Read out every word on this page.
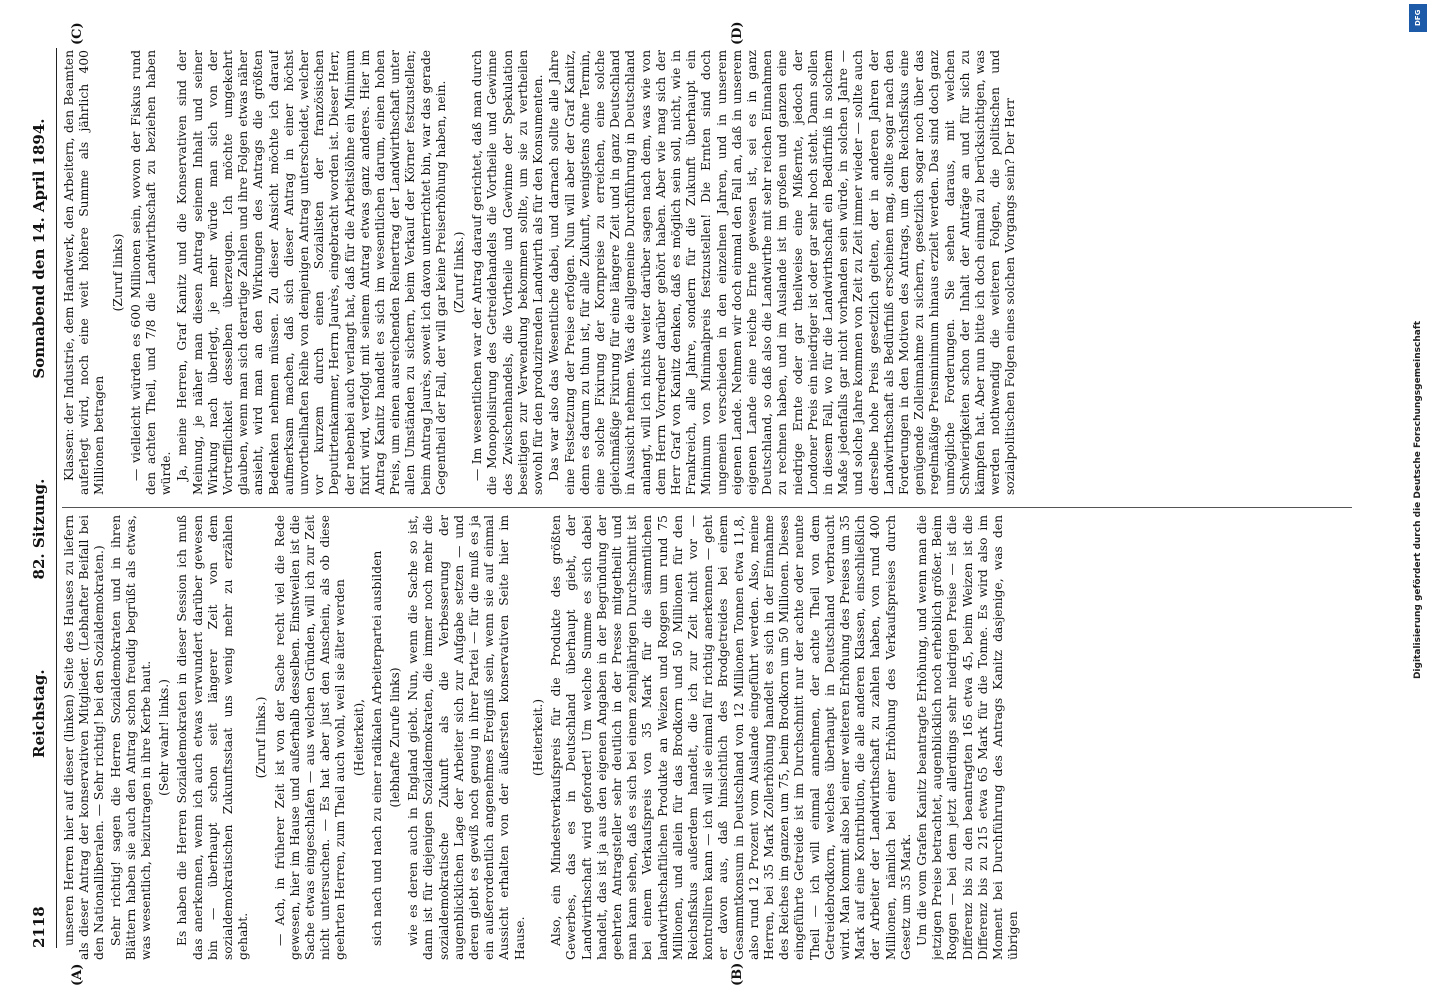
2118
Reichstag.
82. Sitzung.
Sonnabend den 14. April 1894.
(A)	(B)
(C)	(D)

unseren Herren hier auf dieser (linken) Seite des Hauses zu liefern als dieser Antrag der konservativen Mitglieder. (Lebhafter Beifall bei den Nationalliberalen. — Sehr richtig! bei den Sozialdemokraten.) Sehr richtig! sagen die Herren Sozialdemokraten und in ihren Blättern haben sie auch den Antrag schon freudig begrüßt als etwas, was wesentlich, beizutragen in ihre Kerbe haut. (Sehr wahr! links.) Es haben die Herren Sozialdemokraten in dieser Session ich muß das anerkennen, wenn ich auch etwas verwundert darüber gewesen bin — überhaupt schon seit längerer Zeit von dem sozialdemokratischen Zukunftsstaat uns wenig mehr zu erzählen gehabt.

(Zuruf links.) — Ach, in früherer Zeit ist von der Sache recht viel die Rede gewesen, hier im Hause und außerhalb desselben. Einstweilen ist die Sache etwas eingeschlafen — aus welchen Gründen, will ich zur Zeit nicht untersuchen. — Es hat aber just den Anschein, als ob diese geehrten Herren, zum Theil auch wohl, weil sie älter werden (Heiterkeit), sich nach und nach zu einer radikalen Arbeiterpartei ausbilden (lebhafte Zurufe links) wie es deren auch in England giebt. Nun, wenn die Sache so ist, dann ist für diejenigen Sozialdemokraten, die immer noch mehr die sozialdemokratische Zukunft als die Verbesserung der augenblicklichen Lage der Arbeiter sich zur Aufgabe setzen — und deren giebt es gewiß noch genug in ihrer Partei — für die muß es ja ein außerordentlich angenehmes Ereigniß sein, wenn sie auf einmal Aussicht erhalten von der äußersten konservativen Seite hier im Hause.

(Heiterkeit.) Also, ein Mindestverkaufspreis für die Produkte des größten Gewerbes, das es in Deutschland überhaupt giebt, der Landwirthschaft wird gefordert! Um welche Summe es sich dabei handelt, das ist ja aus den eigenen Angaben in der Begründung der geehrten Antragsteller sehr deutlich in der Presse mitgetheilt und man kann sehen, daß es sich bei einem zehnjährigen Durchschnitt ist bei einem Verkaufspreis von 35 Mark für die sämmtlichen landwirthschaftlichen Produkte an Weizen und Roggen um rund 75 Millionen, und allein für das Brodkorn und 50 Millionen für den Reichsfiskus außerdem handelt, die ich zur Zeit nicht vor — kontrolliren kann — ich will sie einmal für richtig anerkennen — geht er davon aus, daß hinsichtlich des Brodgetreides bei einem Gesammtkonsum in Deutschland von 12 Millionen Tonnen etwa 11,8, also rund 12 Prozent vom Auslande eingeführt werden. Also, meine Herren, bei 35 Mark Zollerhöhung handelt es sich in der Einnahme des Reiches im ganzen um 75, beim Brodkorn um 50 Millionen. Dieses eingeführte Getreide ist im Durchschnitt nur der achte oder neunte Theil — ich will einmal annehmen, der achte Theil von dem Getreidebrodkorn, welches überhaupt in Deutschland verbraucht wird. Man kommt also bei einer weiteren Erhöhung des Preises um 35 Mark auf eine Kontribution, die alle anderen Klassen, einschließlich der Arbeiter der Landwirthschaft zu zahlen haben, von rund 400 Millionen, nämlich bei einer Erhöhung des Verkaufspreises durch Gesetz um 35 Mark. Um die vom Grafen Kanitz beantragte Erhöhung, und wenn man die jetzigen Preise betrachtet, augenblicklich noch erheblich größer. Beim Roggen — bei dem jetzt allerdings sehr niedrigen Preise — ist die Differenz bis zu den beantragten 165 etwa 45, beim Weizen ist die Differenz bis zu 215 etwa 65 Mark für die Tonne. Es wird also im Moment bei Durchführung des Antrags Kanitz dasjenige, was den übrigen

Klassen: der Industrie, dem Handwerk, den Arbeitern, den Beamten auferlegt wird, noch eine weit höhere Summe als jährlich 400 Millionen betragen

(Zuruf links) — vielleicht würden es 600 Millionen sein, wovon der Fiskus rund den achten Theil, und 7/8 die Landwirthschaft zu beziehen haben würde. Ja, meine Herren, Graf Kanitz und die Konservativen sind der Meinung, je näher man diesen Antrag seinem Inhalt und seiner Wirkung nach überlegt, je mehr würde man sich von der Vortrefflichkeit desselben überzeugen. Ich möchte umgekehrt glauben, wenn man sich derartige Zahlen und ihre Folgen etwas näher ansieht, wird man an den Wirkungen des Antrags die größten Bedenken nehmen müssen. Zu dieser Ansicht möchte ich darauf aufmerksam machen, daß sich dieser Antrag in einer höchst unvortheilhaften Reihe von demjenigen Antrag unterscheidet, welcher vor kurzem durch einen Sozialisten der französischen Deputirtenkammer, Herrn Jaurès, eingebracht worden ist. Dieser Herr, der nebenbei auch verlangt hat, daß für die Arbeitslöhne ein Minimum fixirt wird, verfolgt mit seinem Antrag etwas ganz anderes. Hier im Antrag Kanitz handelt es sich im wesentlichen darum, einen hohen Preis, um einen ausreichenden Reinertrag der Landwirthschaft unter allen Umständen zu sichern, beim Verkauf der Körner festzustellen; beim Antrag Jaurès, soweit ich davon unterrichtet bin, war das gerade Gegentheil der Fall, der will gar keine Preiserhöhung haben, nein. (Zuruf links.) — Im wesentlichen war der Antrag darauf gerichtet, daß man durch die Monopolisirung des Getreidehandels die Vortheile und Gewinne des Zwischenhandels, die Vortheile und Gewinne der Spekulation beseitigen zur Verwendung bekommen sollte, um sie zu vertheilen sowohl für den produzirenden Landwirth als für den Konsumenten. Das war also das Wesentliche dabei, und darnach sollte alle Jahre eine Festsetzung der Preise erfolgen. Nun will aber der Graf Kanitz, denn es darum zu thun ist, für alle Zukunft, wenigstens ohne Termin, eine solche Fixirung der Kornpreise zu erreichen, eine solche gleichmäßige Fixirung für eine längere Zeit und in ganz Deutschland in Aussicht nehmen. Was die allgemeine Durchführung in Deutschland anlangt, will ich nichts weiter darüber sagen nach dem, was wie von dem Herrn Vorredner darüber gehört haben. Aber wie mag sich der Herr Graf von Kanitz denken, daß es möglich sein soll, nicht, wie in Frankreich, alle Jahre, sondern für die Zukunft überhaupt ein Minimum von Minimalpreis festzustellen! Die Ernten sind doch ungemein verschieden in den einzelnen Jahren, und in unserem eigenen Lande. Nehmen wir doch einmal den Fall an, daß in unserem eigenen Lande eine reiche Ernte gewesen ist, sei es in ganz Deutschland, so daß also die Landwirthe mit sehr reichen Einnahmen zu rechnen haben, und im Auslande ist im großen und ganzen eine niedrige Ernte oder gar theilweise eine Mißernte, jedoch der Londoner Preis ein niedriger ist oder gar sehr hoch steht. Dann sollen in diesem Fall, wo für die Landwirthschaft ein Bedürfniß in solchem Maße jedenfalls gar nicht vorhanden sein würde, in solchen Jahre — und solche Jahre kommen von Zeit zu Zeit immer wieder — sollte auch derselbe hohe Preis gesetzlich gelten, der in anderen Jahren der Landwirthschaft als Bedürfniß erscheinen mag, sollte sogar nach den Forderungen in den Motiven des Antrags, um dem Reichsfiskus eine genügende Zolleinnahme zu sichern, gesetzlich sogar noch über das regelmäßige Preisminimum hinaus erzielt werden. Das sind doch ganz unmögliche Forderungen. Sie sehen daraus, mit welchen Schwierigkeiten schon der Inhalt der Anträge an und für sich zu kämpfen hat. Aber nun bitte ich doch einmal zu berücksichtigen, was werden nothwendig die weiteren Folgen, die politischen und sozialpolitischen Folgen eines solchen Vorgangs sein? Der Herr

DFG
Digitalisierung gefördert durch die Deutsche Forschungsgemeinschaft
